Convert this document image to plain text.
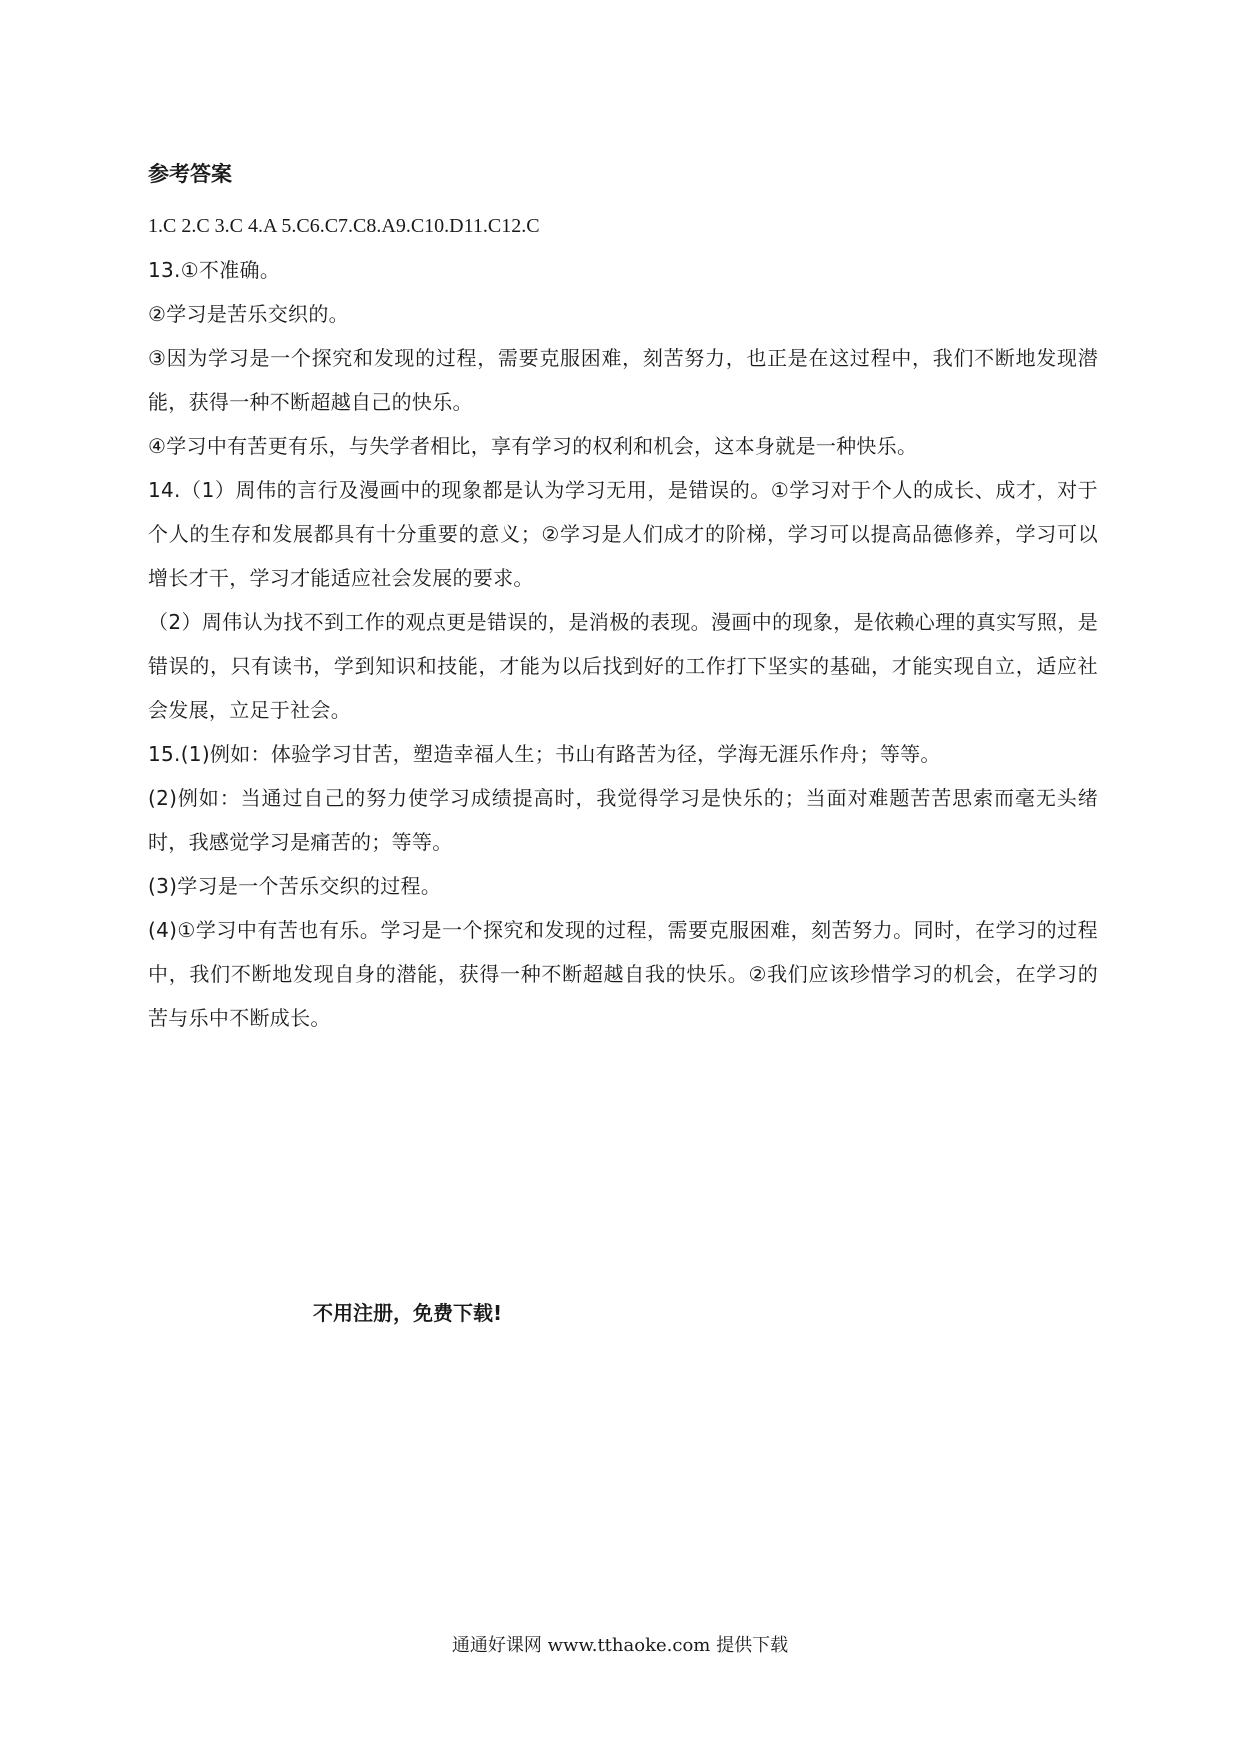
参考答案

1.C 2.C 3.C 4.A 5.C6.C7.C8.A9.C10.D11.C12.C

13.①不准确。

②学习是苦乐交织的。

③因为学习是一个探究和发现的过程，需要克服困难，刻苦努力，也正是在这过程中，我们不断地发现潜能，获得一种不断超越自己的快乐。

④学习中有苦更有乐，与失学者相比，享有学习的权利和机会，这本身就是一种快乐。

14.（1）周伟的言行及漫画中的现象都是认为学习无用，是错误的。①学习对于个人的成长、成才，对于个人的生存和发展都具有十分重要的意义；②学习是人们成才的阶梯，学习可以提高品德修养，学习可以增长才干，学习才能适应社会发展的要求。

（2）周伟认为找不到工作的观点更是错误的，是消极的表现。漫画中的现象，是依赖心理的真实写照，是错误的，只有读书，学到知识和技能，才能为以后找到好的工作打下坚实的基础，才能实现自立，适应社会发展，立足于社会。

15.(1)例如：体验学习甘苦，塑造幸福人生；书山有路苦为径，学海无涯乐作舟；等等。

(2)例如：当通过自己的努力使学习成绩提高时，我觉得学习是快乐的；当面对难题苦苦思索而毫无头绪时，我感觉学习是痛苦的；等等。

(3)学习是一个苦乐交织的过程。

(4)①学习中有苦也有乐。学习是一个探究和发现的过程，需要克服困难，刻苦努力。同时，在学习的过程中，我们不断地发现自身的潜能，获得一种不断超越自我的快乐。②我们应该珍惜学习的机会，在学习的苦与乐中不断成长。

不用注册，免费下载!
通通好课网 www.tthaoke.com 提供下载
